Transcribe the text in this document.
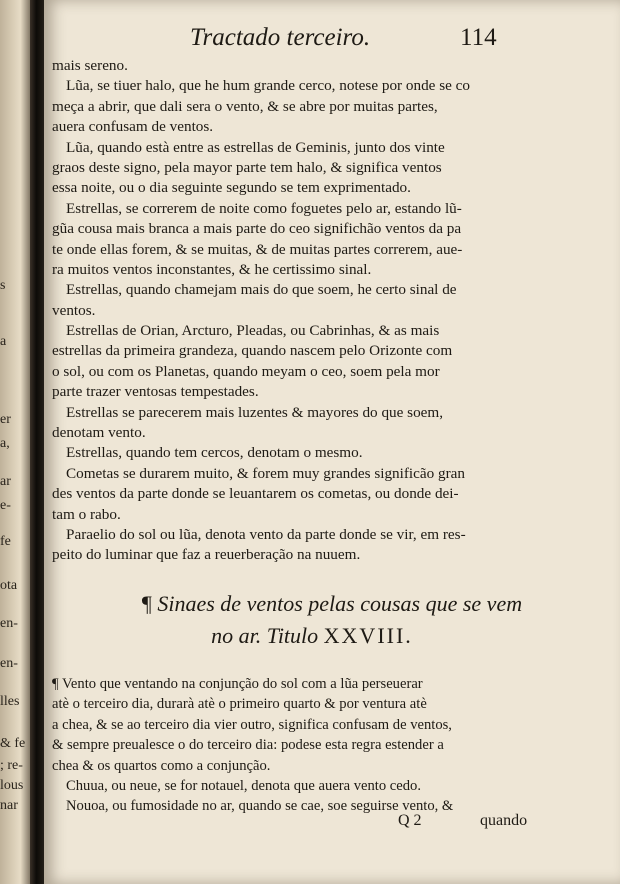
s
a
er
a,
ar
e-
fe
ota
en-
en-
lles
& fe
; re-
lous
nar
Tractado terceiro.	114
mais sereno.
Lũa, se tiuer halo, que he hum grande cerco, notese por onde se co
meça a abrir, que dali sera o vento, & se abre por muitas partes,
auera confusam de ventos.
Lũa, quando està entre as estrellas de Geminis, junto dos vinte
graos deste signo, pela mayor parte tem halo, & significa ventos
essa noite, ou o dia seguinte segundo se tem exprimentado.
Estrellas, se correrem de noite como foguetes pelo ar, estando lũ-
gũa cousa mais branca a mais parte do ceo significhão ventos da pa
te onde ellas forem, & se muitas, & de muitas partes correrem, aue-
ra muitos ventos inconstantes, & he certissimo sinal.
Estrellas, quando chamejam mais do que soem, he certo sinal de
ventos.
Estrellas de Orian, Arcturo, Pleadas, ou Cabrinhas, & as mais
estrellas da primeira grandeza, quando nascem pelo Orizonte com
o sol, ou com os Planetas, quando meyam o ceo, soem pela mor
parte trazer ventosas tempestades.
Estrellas se parecerem mais luzentes & mayores do que soem,
denotam vento.
Estrellas, quando tem cercos, denotam o mesmo.
Cometas se durarem muito, & forem muy grandes significão gran
des ventos da parte donde se leuantarem os cometas, ou donde dei-
tam o rabo.
Paraelio do sol ou lũa, denota vento da parte donde se vir, em res-
peito do luminar que faz a reuerberação na nuuem.
¶ Sinaes de ventos pelas cousas que se vem
no ar. Titulo XXVIII.
¶ Vento que ventando na conjunção do sol com a lũa perseuerar
atè o terceiro dia, durarà atè o primeiro quarto & por ventura atè
a chea, & se ao terceiro dia vier outro, significa confusam de ventos,
& sempre preualesce o do terceiro dia: podese esta regra estender a
chea & os quartos como a conjunção.
Chuua, ou neue, se for notauel, denota que auera vento cedo.
Nouoa, ou fumosidade no ar, quando se cae, soe seguirse vento, &
Q 2	quando
